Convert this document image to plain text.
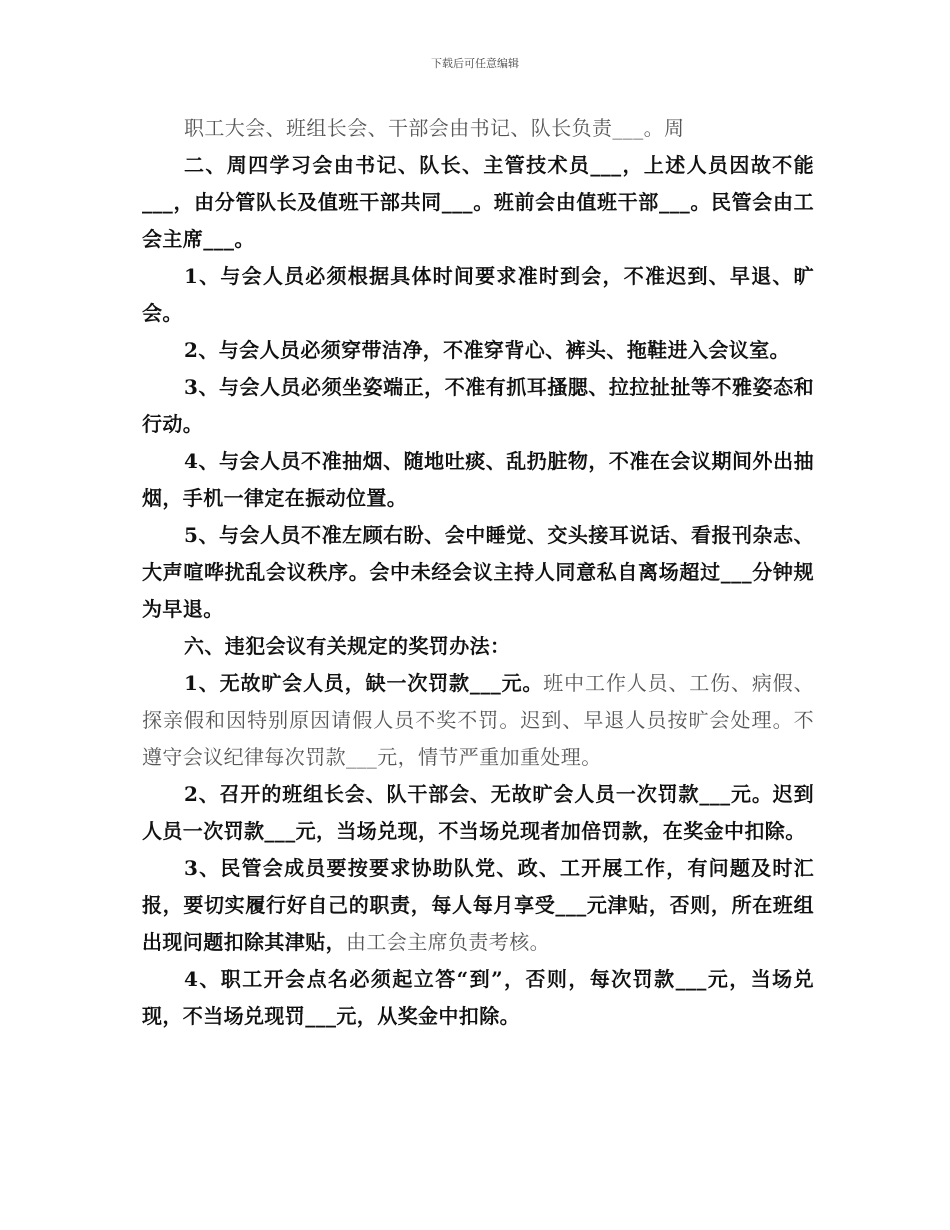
下载后可任意编辑

职工大会、班组长会、干部会由书记、队长负责___。周

二、周四学习会由书记、队长、主管技术员___，上述人员因故不能___，由分管队长及值班干部共同___。班前会由值班干部___。民管会由工会主席___。

1、与会人员必须根据具体时间要求准时到会，不准迟到、早退、旷会。

2、与会人员必须穿带洁净，不准穿背心、裤头、拖鞋进入会议室。

3、与会人员必须坐姿端正，不准有抓耳搔腮、拉拉扯扯等不雅姿态和行动。

4、与会人员不准抽烟、随地吐痰、乱扔脏物，不准在会议期间外出抽烟，手机一律定在振动位置。

5、与会人员不准左顾右盼、会中睡觉、交头接耳说话、看报刊杂志、大声喧哗扰乱会议秩序。会中未经会议主持人同意私自离场超过___分钟规为早退。

六、违犯会议有关规定的奖罚办法：

1、无故旷会人员，缺一次罚款___元。班中工作人员、工伤、病假、探亲假和因特别原因请假人员不奖不罚。迟到、早退人员按旷会处理。不遵守会议纪律每次罚款___元，情节严重加重处理。

2、召开的班组长会、队干部会、无故旷会人员一次罚款___元。迟到人员一次罚款___元，当场兑现，不当场兑现者加倍罚款，在奖金中扣除。

3、民管会成员要按要求协助队党、政、工开展工作，有问题及时汇报，要切实履行好自己的职责，每人每月享受___元津贴，否则，所在班组出现问题扣除其津贴，由工会主席负责考核。

4、职工开会点名必须起立答“到”，否则，每次罚款___元，当场兑现，不当场兑现罚___元，从奖金中扣除。
